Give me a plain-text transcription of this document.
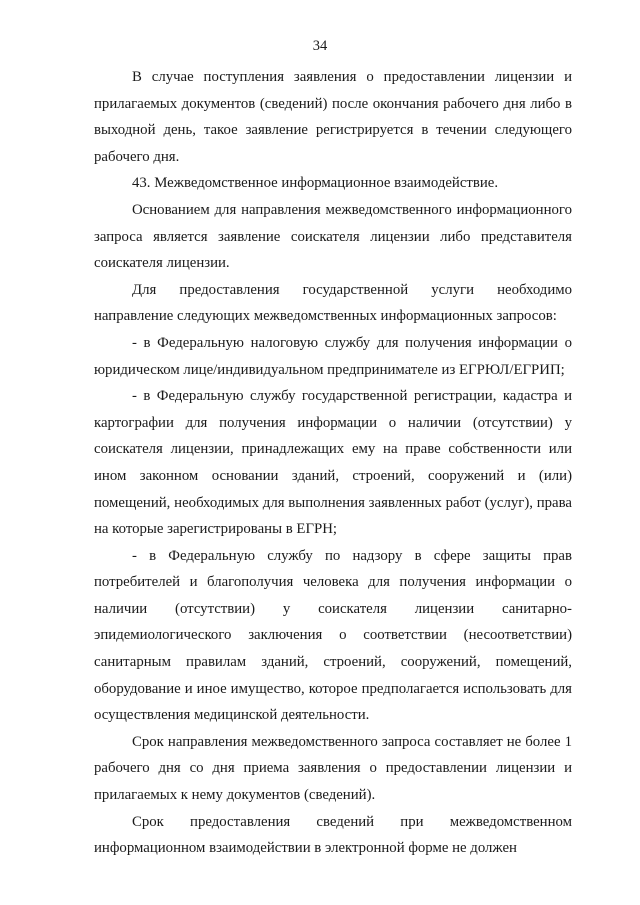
34

В случае поступления заявления о предоставлении лицензии и прилагаемых документов (сведений) после окончания рабочего дня либо в выходной день, такое заявление регистрируется в течении следующего рабочего дня.

43. Межведомственное информационное взаимодействие.

Основанием для направления межведомственного информационного запроса является заявление соискателя лицензии либо представителя соискателя лицензии.

Для предоставления государственной услуги необходимо направление следующих межведомственных информационных запросов:

- в Федеральную налоговую службу для получения информации о юридическом лице/индивидуальном предпринимателе из ЕГРЮЛ/ЕГРИП;

- в Федеральную службу государственной регистрации, кадастра и картографии для получения информации о наличии (отсутствии) у соискателя лицензии, принадлежащих ему на праве собственности или ином законном основании зданий, строений, сооружений и (или) помещений, необходимых для выполнения заявленных работ (услуг), права на которые зарегистрированы в ЕГРН;

- в Федеральную службу по надзору в сфере защиты прав потребителей и благополучия человека для получения информации о наличии (отсутствии) у соискателя лицензии санитарно-эпидемиологического заключения о соответствии (несоответствии) санитарным правилам зданий, строений, сооружений, помещений, оборудование и иное имущество, которое предполагается использовать для осуществления медицинской деятельности.

Срок направления межведомственного запроса составляет не более 1 рабочего дня со дня приема заявления о предоставлении лицензии и прилагаемых к нему документов (сведений).

Срок предоставления сведений при межведомственном информационном взаимодействии в электронной форме не должен
